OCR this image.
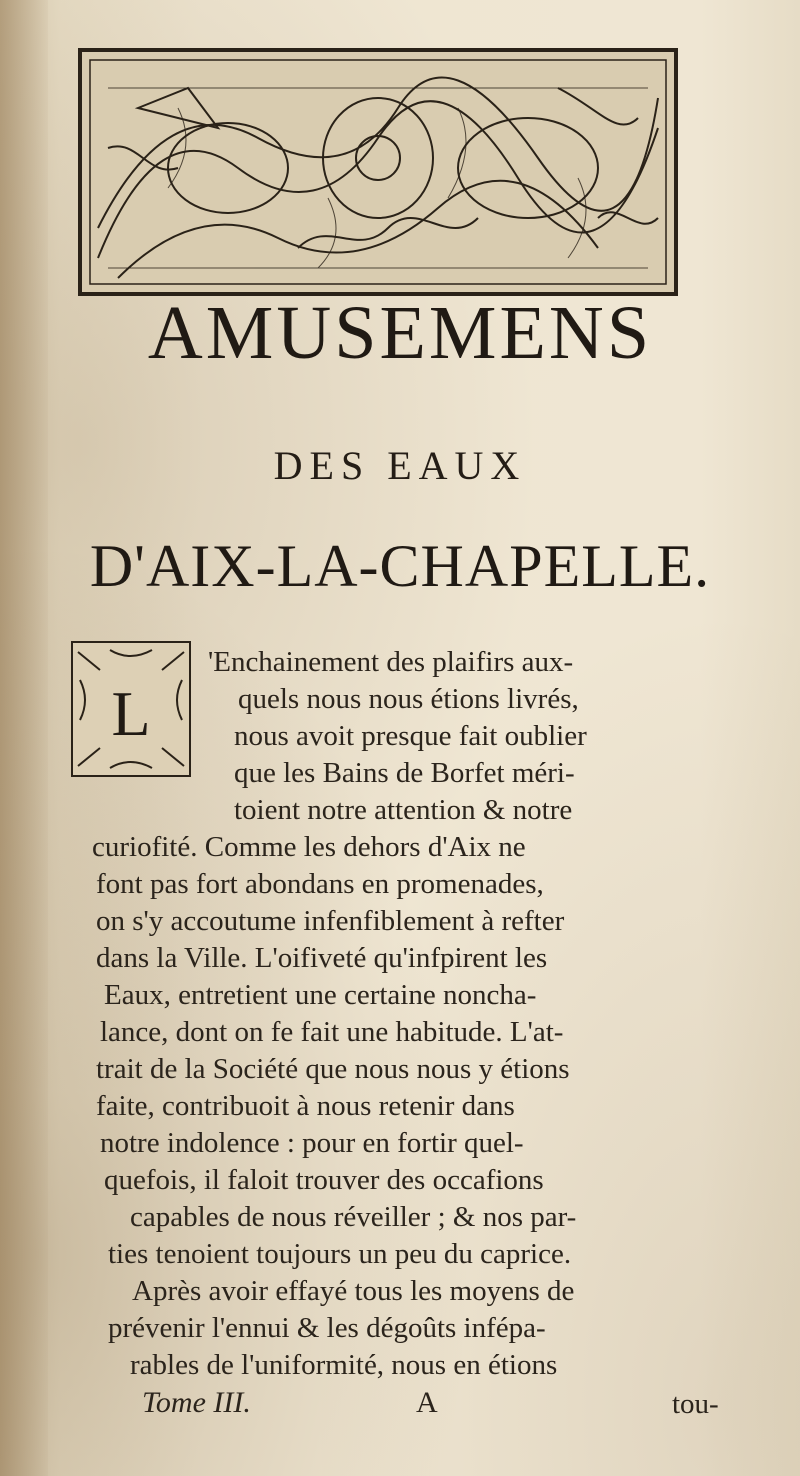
AMUSEMENS
DES EAUX
D'AIX-LA-CHAPELLE.
L
'Enchainement des plaifirs aux-
quels nous nous étions livrés,
nous avoit presque fait oublier
que les Bains de Borfet méri-
toient notre attention & notre
curiofité. Comme les dehors d'Aix ne
font pas fort abondans en promenades,
on s'y accoutume infenfiblement à refter
dans la Ville. L'oifiveté qu'infpirent les
Eaux, entretient une certaine noncha-
lance, dont on fe fait une habitude. L'at-
trait de la Société que nous nous y étions
faite, contribuoit à nous retenir dans
notre indolence : pour en fortir quel-
quefois, il faloit trouver des occafions
capables de nous réveiller ; & nos par-
ties tenoient toujours un peu du caprice.
Après avoir effayé tous les moyens de
prévenir l'ennui & les dégoûts infépa-
rables de l'uniformité, nous en étions
Tome III.	A	tou-
